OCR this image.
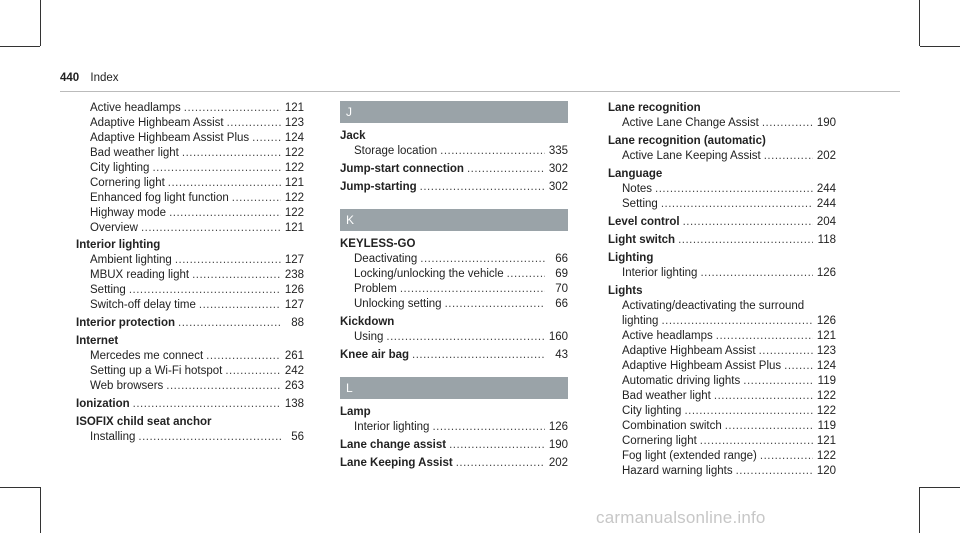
440 Index
Active headlamps .....	121
Adaptive Highbeam Assist .....	123
Adaptive Highbeam Assist Plus .....	124
Bad weather light .....	122
City lighting .....	122
Cornering light .....	121
Enhanced fog light function .....	122
Highway mode .....	122
Overview .....	121
Interior lighting
Ambient lighting .....	127
MBUX reading light .....	238
Setting .....	126
Switch-off delay time .....	127
Interior protection .....	88
Internet
Mercedes me connect .....	261
Setting up a Wi-Fi hotspot .....	242
Web browsers .....	263
Ionization .....	138
ISOFIX child seat anchor
Installing .....	56
J
Jack
Storage location .....	335
Jump-start connection .....	302
Jump-starting .....	302
K
KEYLESS-GO
Deactivating .....	66
Locking/unlocking the vehicle .....	69
Problem .....	70
Unlocking setting .....	66
Kickdown
Using .....	160
Knee air bag .....	43
L
Lamp
Interior lighting .....	126
Lane change assist .....	190
Lane Keeping Assist .....	202
Lane recognition
Active Lane Change Assist .....	190
Lane recognition (automatic)
Active Lane Keeping Assist .....	202
Language
Notes .....	244
Setting .....	244
Level control .....	204
Light switch .....	118
Lighting
Interior lighting .....	126
Lights
Activating/deactivating the surround
lighting .....	126
Active headlamps .....	121
Adaptive Highbeam Assist .....	123
Adaptive Highbeam Assist Plus .....	124
Automatic driving lights .....	119
Bad weather light .....	122
City lighting .....	122
Combination switch .....	119
Cornering light .....	121
Fog light (extended range) .....	122
Hazard warning lights .....	120
carmanualsonline.info
